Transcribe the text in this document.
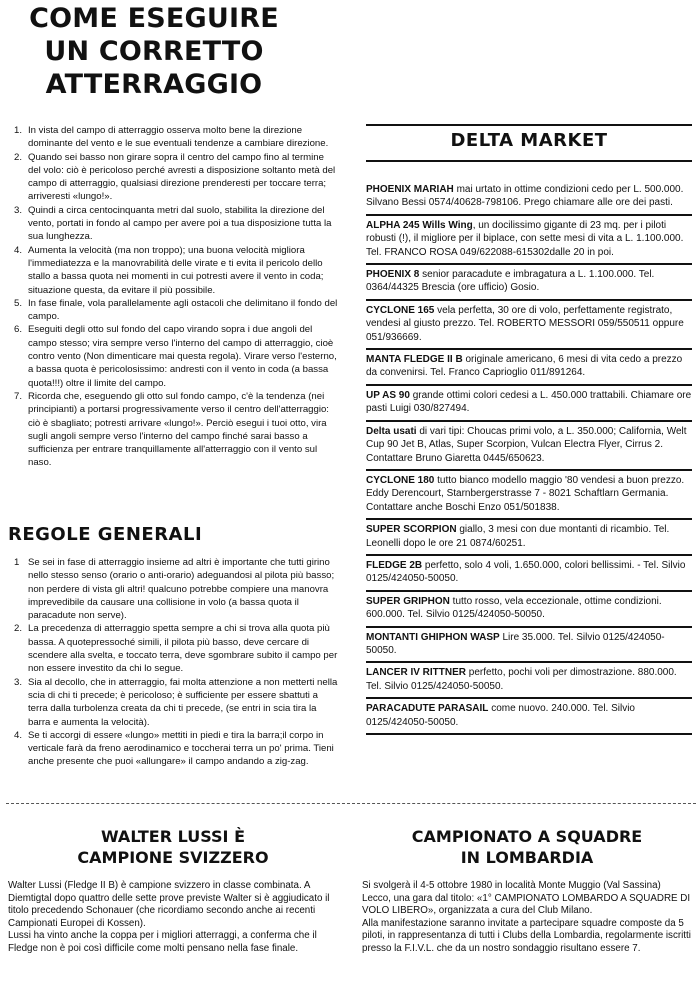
COME ESEGUIRE
UN CORRETTO
ATTERRAGGIO
1. In vista del campo di atterraggio osserva molto bene la direzione dominante del vento e le sue eventuali tendenze a cambiare direzione.
2. Quando sei basso non girare sopra il centro del campo fino al termine del volo: ciò è pericoloso perché avresti a disposizione soltanto metà del campo di atterraggio, qualsiasi direzione prenderesti per toccare terra; arriveresti «lungo!».
3. Quindi a circa centocinquanta metri dal suolo, stabilita la direzione del vento, portati in fondo al campo per avere poi a tua disposizione tutta la sua lunghezza.
4. Aumenta la velocità (ma non troppo); una buona velocità migliora l'immediatezza e la manovrabilità delle virate e ti evita il pericolo dello stallo a bassa quota nei momenti in cui potresti avere il vento in coda; situazione questa, da evitare il più possibile.
5. In fase finale, vola parallelamente agli ostacoli che delimitano il fondo del campo.
6. Eseguiti degli otto sul fondo del capo virando sopra i due angoli del campo stesso; vira sempre verso l'interno del campo di atterraggio, cioè contro vento (Non dimenticare mai questa regola). Virare verso l'esterno, a bassa quota è pericolosissimo: andresti con il vento in coda (a bassa quota!!!) oltre il limite del campo.
7. Ricorda che, eseguendo gli otto sul fondo campo, c'è la tendenza (nei principianti) a portarsi progressivamente verso il centro dell'atterraggio: ciò è sbagliato; potresti arrivare «lungo!». Perciò esegui i tuoi otto, vira sugli angoli sempre verso l'interno del campo finché sarai basso a sufficienza per entrare tranquillamente all'atterraggio con il vento sul naso.
REGOLE GENERALI
1 Se sei in fase di atterraggio insieme ad altri è importante che tutti girino nello stesso senso (orario o anti-orario) adeguandosi al pilota più basso; non perdere di vista gli altri! qualcuno potrebbe compiere una manovra imprevedibile da causare una collisione in volo (a bassa quota il paracadute non serve).
2. La precedenza di atterraggio spetta sempre a chi si trova alla quota più bassa. A quotepressoché simili, il pilota più basso, deve cercare di scendere alla svelta, e toccato terra, deve sgombrare subito il campo per non essere investito da chi lo segue.
3. Sia al decollo, che in atterraggio, fai molta attenzione a non metterti nella scia di chi ti precede; è pericoloso; è sufficiente per essere sbattuti a terra dalla turbolenza creata da chi ti precede, (se entri in scia tira la barra e aumenta la velocità).
4. Se ti accorgi di essere «lungo» mettiti in piedi e tira la barra;il corpo in verticale farà da freno aerodinamico e toccherai terra un po' prima. Tieni anche presente che puoi «allungare» il campo andando a zig-zag.
DELTA MARKET
PHOENIX MARIAH mai urtato in ottime condizioni cedo per L. 500.000. Silvano Bessi 0574/40628-798106. Prego chiamare alle ore dei pasti.
ALPHA 245 Wills Wing, un docilissimo gigante di 23 mq. per i piloti robusti (!), il migliore per il biplace, con sette mesi di vita a L. 1.100.000. Tel. FRANCO ROSA 049/622088-615302dalle 20 in poi.
PHOENIX 8 senior paracadute e imbragatura a L. 1.100.000. Tel. 0364/44325 Brescia (ore ufficio) Gosio.
CYCLONE 165 vela perfetta, 30 ore di volo, perfettamente registrato, vendesi al giusto prezzo. Tel. ROBERTO MESSORI 059/550511 oppure 051/936669.
MANTA FLEDGE II B originale americano, 6 mesi di vita cedo a prezzo da convenirsi. Tel. Franco Caprioglio 011/891264.
UP AS 90 grande ottimi colori cedesi a L. 450.000 trattabili. Chiamare ore pasti Luigi 030/827494.
Delta usati di vari tipi: Choucas primi volo, a L. 350.000; California, Welt Cup 90 Jet B, Atlas, Super Scorpion, Vulcan Electra Flyer, Cirrus 2. Contattare Bruno Giaretta 0445/650623.
CYCLONE 180 tutto bianco modello maggio '80 vendesi a buon prezzo. Eddy Derencourt, Starnbergerstrasse 7 - 8021 Schaftlarn Germania. Contattare anche Boschi Enzo 051/501838.
SUPER SCORPION giallo, 3 mesi con due montanti di ricambio. Tel. Leonelli dopo le ore 21 0874/60251.
FLEDGE 2B perfetto, solo 4 voli, 1.650.000, colori bellissimi. - Tel. Silvio 0125/424050-50050.
SUPER GRIPHON tutto rosso, vela eccezionale, ottime condizioni. 600.000. Tel. Silvio 0125/424050-50050.
MONTANTI GHIPHON WASP Lire 35.000. Tel. Silvio 0125/424050-50050.
LANCER IV RITTNER perfetto, pochi voli per dimostrazione. 880.000. Tel. Silvio 0125/424050-50050.
PARACADUTE PARASAIL come nuovo. 240.000. Tel. Silvio 0125/424050-50050.
WALTER LUSSI È
CAMPIONE SVIZZERO

Walter Lussi (Fledge II B) è campione svizzero in classe combinata. A Diemtigtal dopo quattro delle sette prove previste Walter si è aggiudicato il titolo precedendo Schonauer (che ricordiamo secondo anche ai recenti Campionati Europei di Kossen).

Lussi ha vinto anche la coppa per i migliori atterraggi, a conferma che il Fledge non è poi così difficile come molti pensano nella fase finale.

CAMPIONATO A SQUADRE
IN LOMBARDIA

Si svolgerà il 4-5 ottobre 1980 in località Monte Muggio (Val Sassina) Lecco, una gara dal titolo: «1° CAMPIONATO LOMBARDO A SQUADRE DI VOLO LIBERO», organizzata a cura del Club Milano.

Alla manifestazione saranno invitate a partecipare squadre composte da 5 piloti, in rappresentanza di tutti i Clubs della Lombardia, regolarmente iscritti presso la F.I.V.L. che da un nostro sondaggio risultano essere 7.
